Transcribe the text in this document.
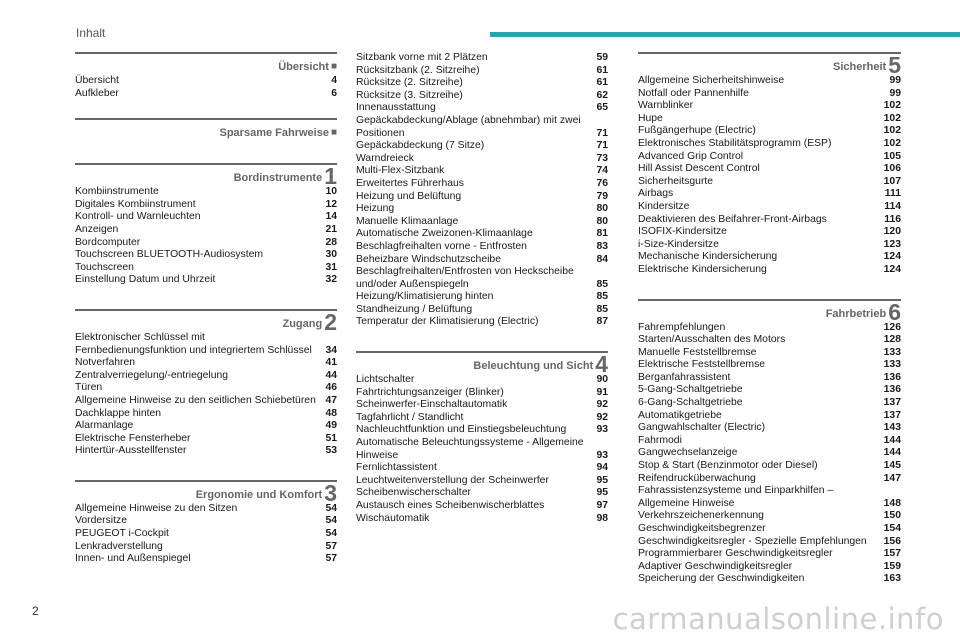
Inhalt
Übersicht ■
Übersicht	4
Aufkleber	6
Sparsame Fahrweise ■
Bordinstrumente 1
Kombiinstrumente	10
Digitales Kombiinstrument	12
Kontroll- und Warnleuchten	14
Anzeigen	21
Bordcomputer	28
Touchscreen BLUETOOTH-Audiosystem	30
Touchscreen	31
Einstellung Datum und Uhrzeit	32
Zugang 2
Elektronischer Schlüssel mit Fernbedienungsfunktion und integriertem Schlüssel	34
Notverfahren	41
Zentralverriegelung/-entriegelung	44
Türen	46
Allgemeine Hinweise zu den seitlichen Schiebetüren 47
Dachklappe hinten	48
Alarmanlage	49
Elektrische Fensterheber	51
Hintertür-Ausstellfenster	53
Ergonomie und Komfort 3
Allgemeine Hinweise zu den Sitzen	54
Vordersitze	54
PEUGEOT i-Cockpit	54
Lenkradverstellung	57
Innen- und Außenspiegel	57
Sitzbank vorne mit 2 Plätzen	59
Rücksitzbank (2. Sitzreihe)	61
Rücksitze (2. Sitzreihe)	61
Rücksitze (3. Sitzreihe)	62
Innenausstattung	65
Gepäckabdeckung/Ablage (abnehmbar) mit zwei Positionen	71
Gepäckabdeckung (7 Sitze)	71
Warndreieck	73
Multi-Flex-Sitzbank	74
Erweitertes Führerhaus	76
Heizung und Belüftung	79
Heizung	80
Manuelle Klimaanlage	80
Automatische Zweizonen-Klimaanlage	81
Beschlagfreihalten vorne - Entfrosten	83
Beheizbare Windschutzscheibe	84
Beschlagfreihalten/Entfrosten von Heckscheibe und/oder Außenspiegeln	85
Heizung/Klimatisierung hinten	85
Standheizung / Belüftung	85
Temperatur der Klimatisierung (Electric)	87
Beleuchtung und Sicht 4
Lichtschalter	90
Fahrtrichtungsanzeiger (Blinker)	91
Scheinwerfer-Einschaltautomatik	92
Tagfahrlicht / Standlicht	92
Nachleuchtfunktion und Einstiegsbeleuchtung	93
Automatische Beleuchtungssysteme - Allgemeine Hinweise	93
Fernlichtassistent	94
Leuchtweitenverstellung der Scheinwerfer	95
Scheibenwischerschalter	95
Austausch eines Scheibenwischerblattes	97
Wischautomatik	98
Sicherheit 5
Allgemeine Sicherheitshinweise	99
Notfall oder Pannenhilfe	99
Warnblinker	102
Hupe	102
Fußgängerhupe (Electric)	102
Elektronisches Stabilitätsprogramm (ESP)	102
Advanced Grip Control	105
Hill Assist Descent Control	106
Sicherheitsgurte	107
Airbags	111
Kindersitze	114
Deaktivieren des Beifahrer-Front-Airbags	116
ISOFIX-Kindersitze	120
i-Size-Kindersitze	123
Mechanische Kindersicherung	124
Elektrische Kindersicherung	124
Fahrbetrieb 6
Fahrempfehlungen	126
Starten/Ausschalten des Motors	128
Manuelle Feststellbremse	133
Elektrische Feststellbremse	133
Berganfahrassistent	136
5-Gang-Schaltgetriebe	136
6-Gang-Schaltgetriebe	137
Automatikgetriebe	137
Gangwahlschalter (Electric)	143
Fahrmodi	144
Gangwechselanzeige	144
Stop & Start (Benzinmotor oder Diesel)	145
Reifendrucküberwachung	147
Fahrassistenzsysteme und Einparkhilfen – Allgemeine Hinweise	148
Verkehrszeichenerkennung	150
Geschwindigkeitsbegrenzer	154
Geschwindigkeitsregler - Spezielle Empfehlungen	156
Programmierbarer Geschwindigkeitsregler	157
Adaptiver Geschwindigkeitsregler	159
Speicherung der Geschwindigkeiten	163
2	carmanualsonline.info
